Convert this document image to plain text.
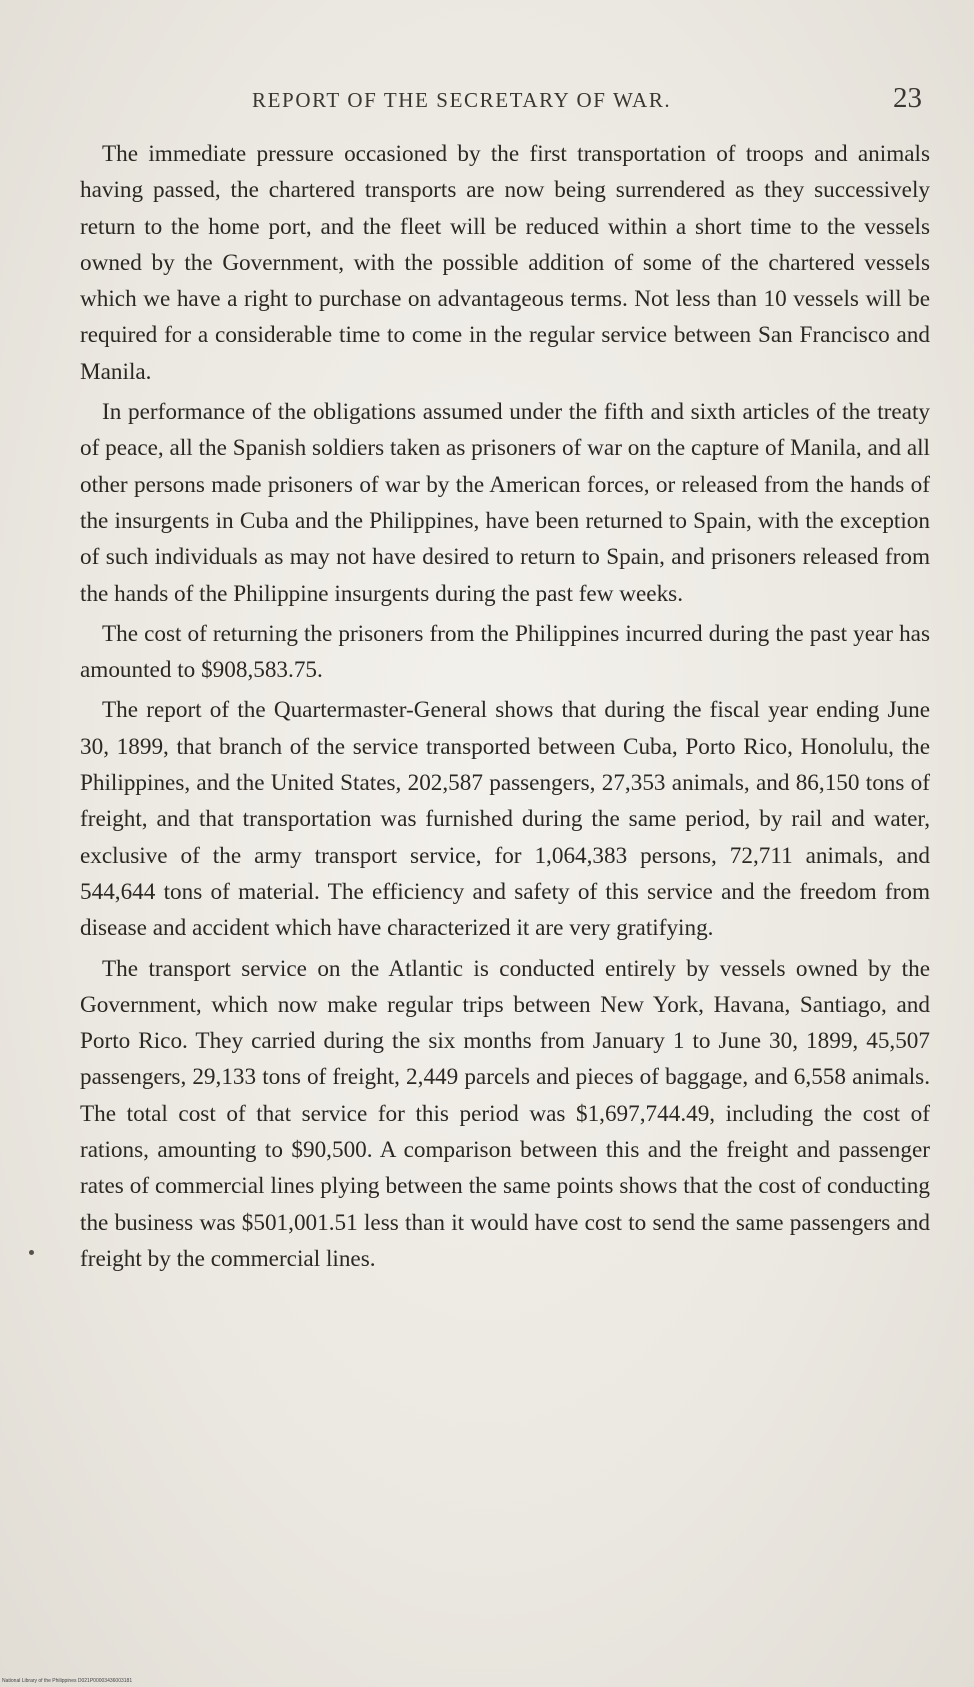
REPORT OF THE SECRETARY OF WAR.	23

The immediate pressure occasioned by the first transportation of troops and animals having passed, the chartered transports are now being surrendered as they successively return to the home port, and the fleet will be reduced within a short time to the vessels owned by the Government, with the possible addition of some of the chartered vessels which we have a right to purchase on advantageous terms. Not less than 10 vessels will be required for a considerable time to come in the regular service between San Francisco and Manila.

In performance of the obligations assumed under the fifth and sixth articles of the treaty of peace, all the Spanish soldiers taken as prisoners of war on the capture of Manila, and all other persons made prisoners of war by the American forces, or released from the hands of the insurgents in Cuba and the Philippines, have been returned to Spain, with the exception of such individuals as may not have desired to return to Spain, and prisoners released from the hands of the Philippine insurgents during the past few weeks.

The cost of returning the prisoners from the Philippines incurred during the past year has amounted to $908,583.75.

The report of the Quartermaster-General shows that during the fiscal year ending June 30, 1899, that branch of the service transported between Cuba, Porto Rico, Honolulu, the Philippines, and the United States, 202,587 passengers, 27,353 animals, and 86,150 tons of freight, and that transportation was furnished during the same period, by rail and water, exclusive of the army transport service, for 1,064,383 persons, 72,711 animals, and 544,644 tons of material. The efficiency and safety of this service and the freedom from disease and accident which have characterized it are very gratifying.

The transport service on the Atlantic is conducted entirely by vessels owned by the Government, which now make regular trips between New York, Havana, Santiago, and Porto Rico. They carried during the six months from January 1 to June 30, 1899, 45,507 passengers, 29,133 tons of freight, 2,449 parcels and pieces of baggage, and 6,558 animals. The total cost of that service for this period was $1,697,744.49, including the cost of rations, amounting to $90,500. A comparison between this and the freight and passenger rates of commercial lines plying between the same points shows that the cost of conducting the business was $501,001.51 less than it would have cost to send the same passengers and freight by the commercial lines.

National Library of the Philippines D021P00003436003181
